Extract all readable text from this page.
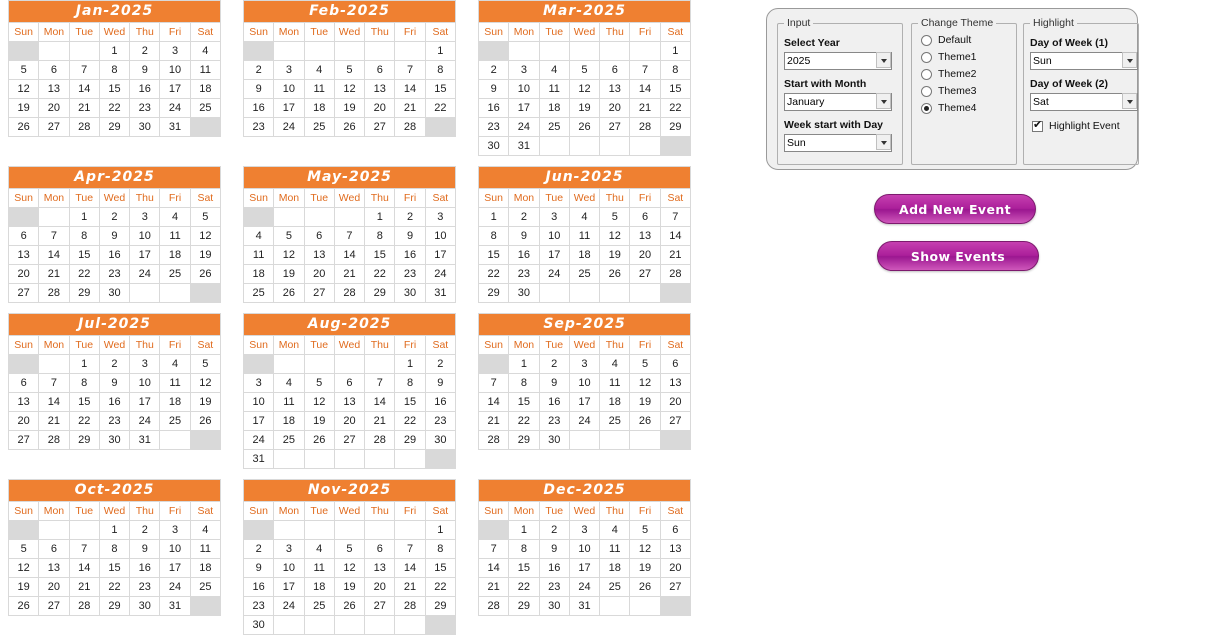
Jan-2025
Sun	Mon	Tue	Wed	Thu	Fri	Sat
			1	2	3	4
5	6	7	8	9	10	11
12	13	14	15	16	17	18
19	20	21	22	23	24	25
26	27	28	29	30	31	
Feb-2025
Sun	Mon	Tue	Wed	Thu	Fri	Sat
						1
2	3	4	5	6	7	8
9	10	11	12	13	14	15
16	17	18	19	20	21	22
23	24	25	26	27	28	
Mar-2025
Sun	Mon	Tue	Wed	Thu	Fri	Sat
						1
2	3	4	5	6	7	8
9	10	11	12	13	14	15
16	17	18	19	20	21	22
23	24	25	26	27	28	29
30	31					
Apr-2025
Sun	Mon	Tue	Wed	Thu	Fri	Sat
		1	2	3	4	5
6	7	8	9	10	11	12
13	14	15	16	17	18	19
20	21	22	23	24	25	26
27	28	29	30			
May-2025
Sun	Mon	Tue	Wed	Thu	Fri	Sat
				1	2	3
4	5	6	7	8	9	10
11	12	13	14	15	16	17
18	19	20	21	22	23	24
25	26	27	28	29	30	31
Jun-2025
Sun	Mon	Tue	Wed	Thu	Fri	Sat
1	2	3	4	5	6	7
8	9	10	11	12	13	14
15	16	17	18	19	20	21
22	23	24	25	26	27	28
29	30					
Jul-2025
Sun	Mon	Tue	Wed	Thu	Fri	Sat
		1	2	3	4	5
6	7	8	9	10	11	12
13	14	15	16	17	18	19
20	21	22	23	24	25	26
27	28	29	30	31		
Aug-2025
Sun	Mon	Tue	Wed	Thu	Fri	Sat
					1	2
3	4	5	6	7	8	9
10	11	12	13	14	15	16
17	18	19	20	21	22	23
24	25	26	27	28	29	30
31						
Sep-2025
Sun	Mon	Tue	Wed	Thu	Fri	Sat
	1	2	3	4	5	6
7	8	9	10	11	12	13
14	15	16	17	18	19	20
21	22	23	24	25	26	27
28	29	30				
Oct-2025
Sun	Mon	Tue	Wed	Thu	Fri	Sat
			1	2	3	4
5	6	7	8	9	10	11
12	13	14	15	16	17	18
19	20	21	22	23	24	25
26	27	28	29	30	31	
Nov-2025
Sun	Mon	Tue	Wed	Thu	Fri	Sat
						1
2	3	4	5	6	7	8
9	10	11	12	13	14	15
16	17	18	19	20	21	22
23	24	25	26	27	28	29
30						
Dec-2025
Sun	Mon	Tue	Wed	Thu	Fri	Sat
	1	2	3	4	5	6
7	8	9	10	11	12	13
14	15	16	17	18	19	20
21	22	23	24	25	26	27
28	29	30	31			
Input
Select Year
2025
Start with Month
January
Week start with Day
Sun
Change Theme
Default
Theme1
Theme2
Theme3
Theme4
Highlight
Day of Week (1)
Sun
Day of Week (2)
Sat
✔
Highlight Event
Add New Event
Show Events
